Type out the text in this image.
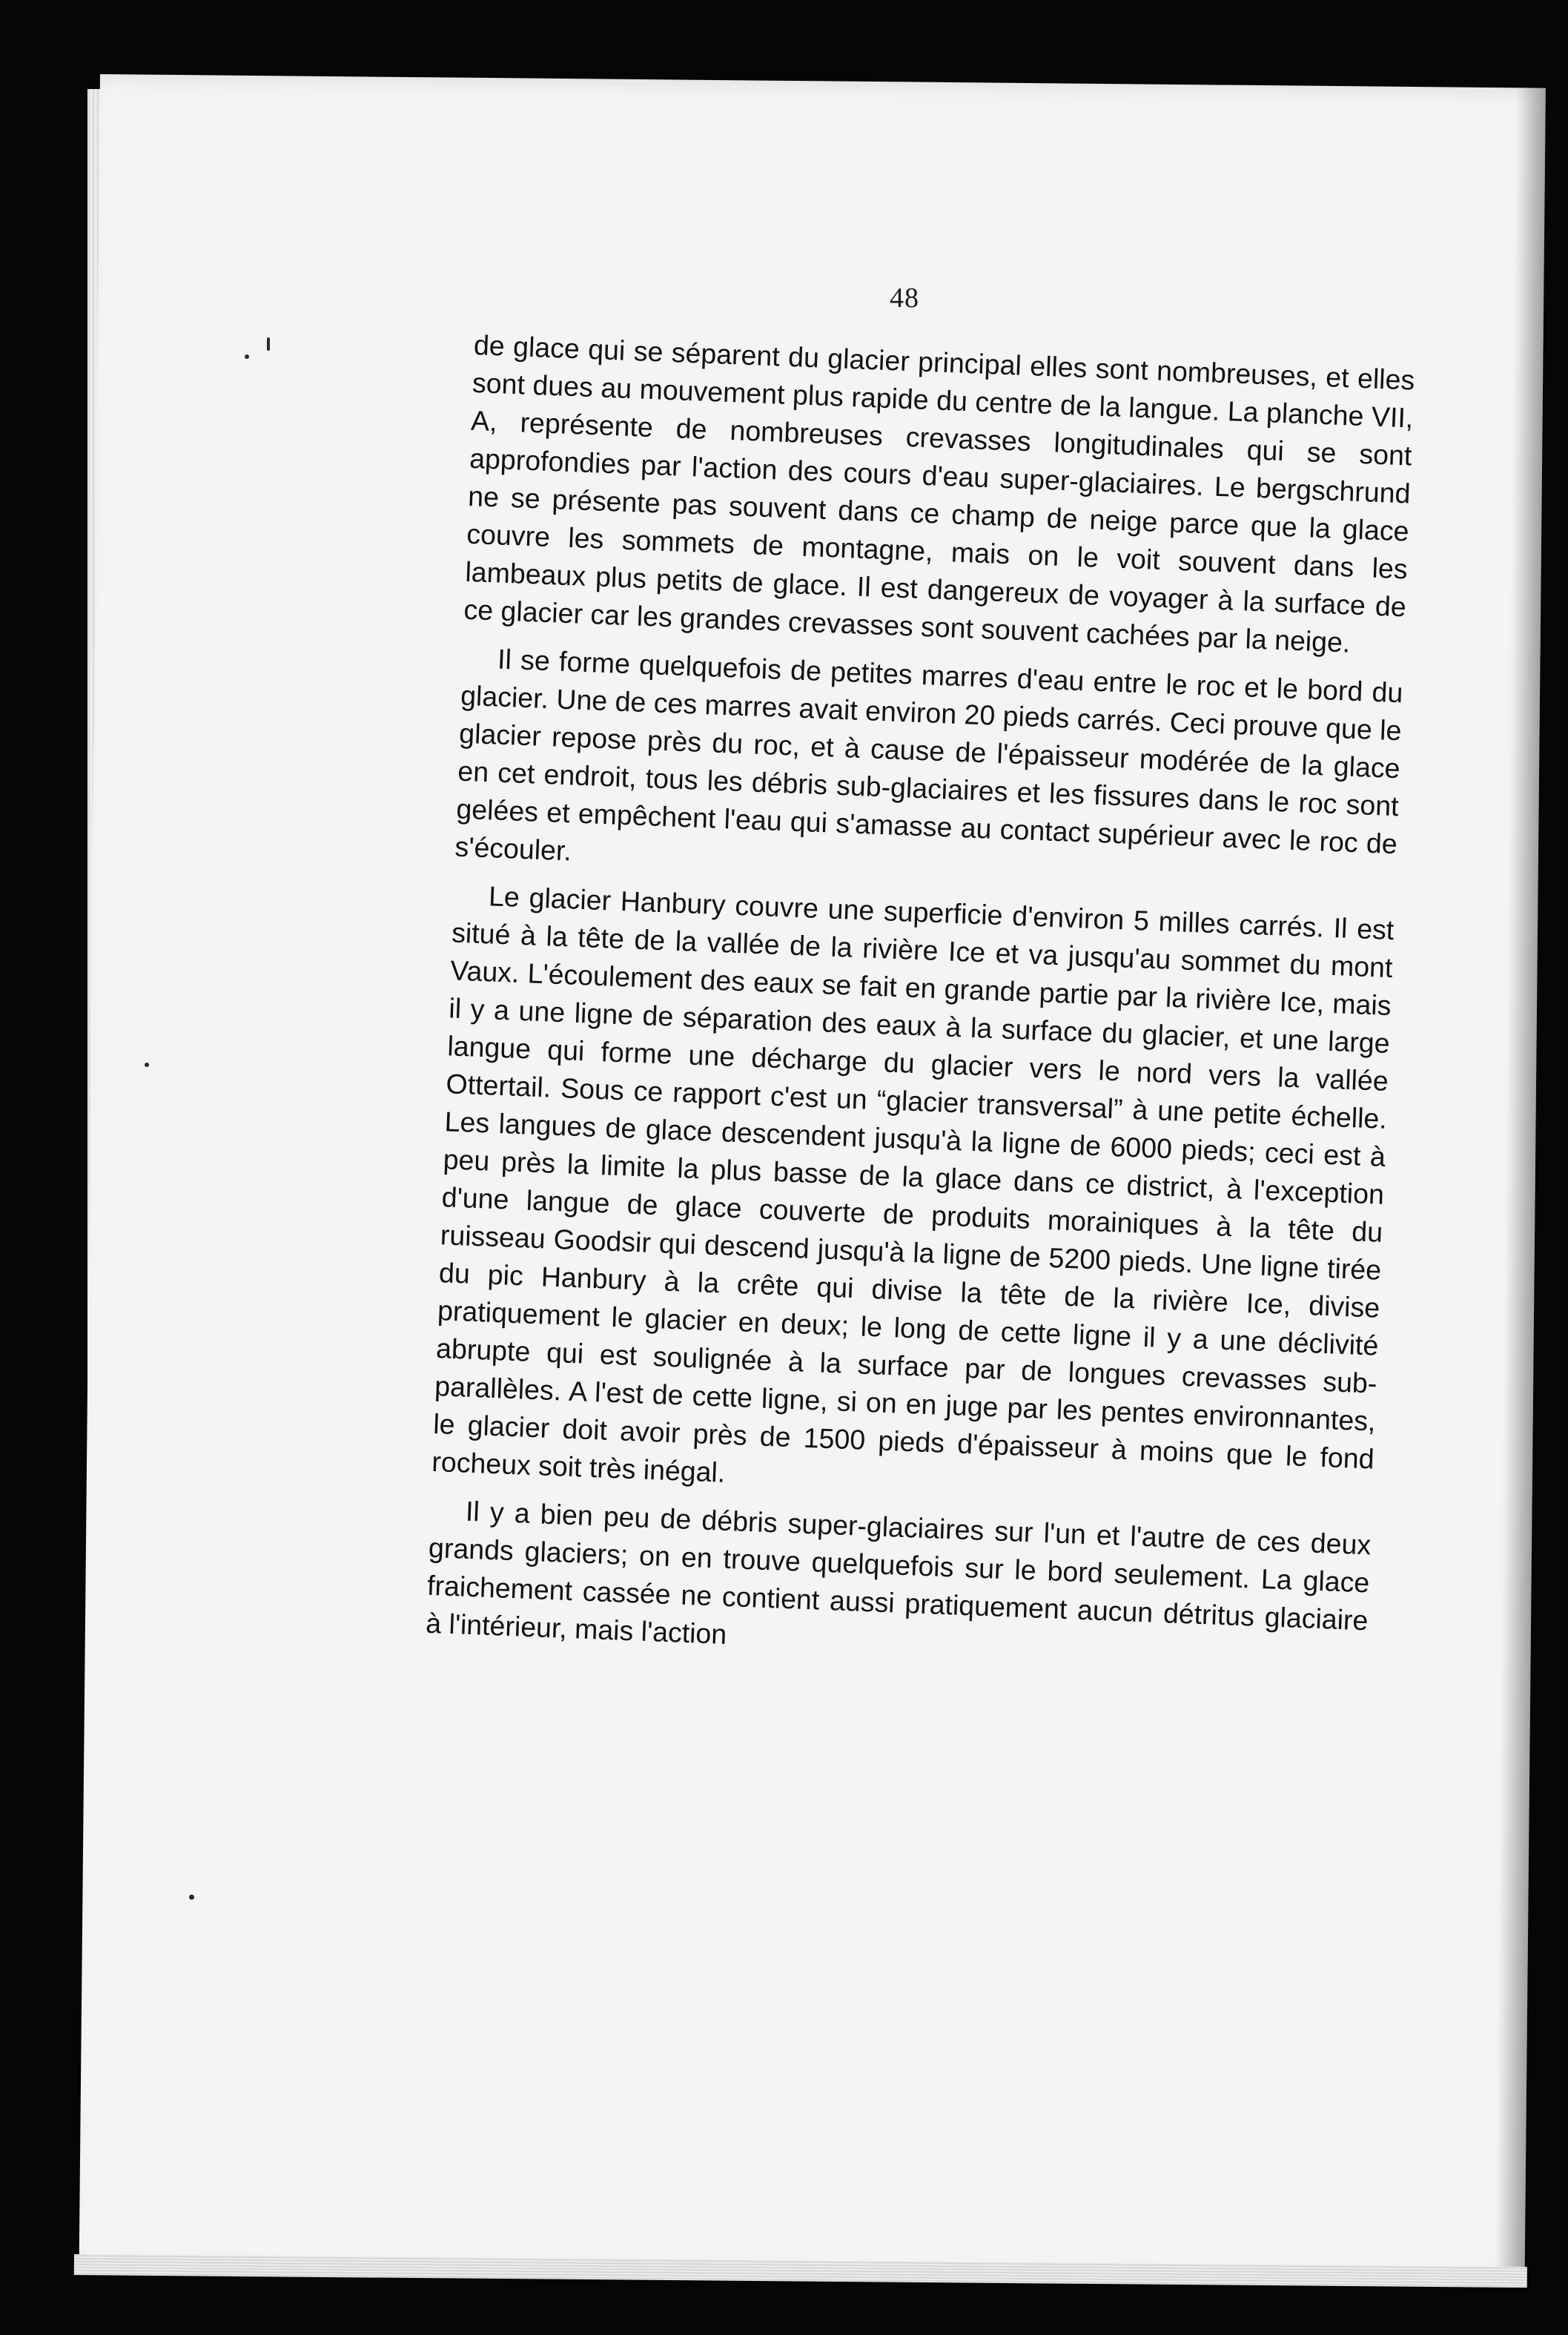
48

de glace qui se séparent du glacier principal elles sont nombreuses, et elles sont dues au mouvement plus rapide du centre de la langue. La planche VII, A, représente de nombreuses crevasses longitudinales qui se sont approfondies par l'action des cours d'eau super-glaciaires. Le bergschrund ne se présente pas souvent dans ce champ de neige parce que la glace couvre les sommets de montagne, mais on le voit souvent dans les lambeaux plus petits de glace. Il est dangereux de voyager à la surface de ce glacier car les grandes crevasses sont souvent cachées par la neige.

Il se forme quelquefois de petites marres d'eau entre le roc et le bord du glacier. Une de ces marres avait environ 20 pieds carrés. Ceci prouve que le glacier repose près du roc, et à cause de l'épaisseur modérée de la glace en cet endroit, tous les débris sub-glaciaires et les fissures dans le roc sont gelées et empêchent l'eau qui s'amasse au contact supérieur avec le roc de s'écouler.

Le glacier Hanbury couvre une superficie d'environ 5 milles carrés. Il est situé à la tête de la vallée de la rivière Ice et va jusqu'au sommet du mont Vaux. L'écoulement des eaux se fait en grande partie par la rivière Ice, mais il y a une ligne de séparation des eaux à la surface du glacier, et une large langue qui forme une décharge du glacier vers le nord vers la vallée Ottertail. Sous ce rapport c'est un “glacier transversal” à une petite échelle. Les langues de glace descendent jusqu'à la ligne de 6000 pieds; ceci est à peu près la limite la plus basse de la glace dans ce district, à l'exception d'une langue de glace couverte de produits morainiques à la tête du ruisseau Goodsir qui descend jusqu'à la ligne de 5200 pieds. Une ligne tirée du pic Hanbury à la crête qui divise la tête de la rivière Ice, divise pratiquement le glacier en deux; le long de cette ligne il y a une déclivité abrupte qui est soulignée à la surface par de longues crevasses sub-parallèles. A l'est de cette ligne, si on en juge par les pentes environnantes, le glacier doit avoir près de 1500 pieds d'épaisseur à moins que le fond rocheux soit très inégal.

Il y a bien peu de débris super-glaciaires sur l'un et l'autre de ces deux grands glaciers; on en trouve quelquefois sur le bord seulement. La glace fraichement cassée ne contient aussi pratiquement aucun détritus glaciaire à l'intérieur, mais l'action
